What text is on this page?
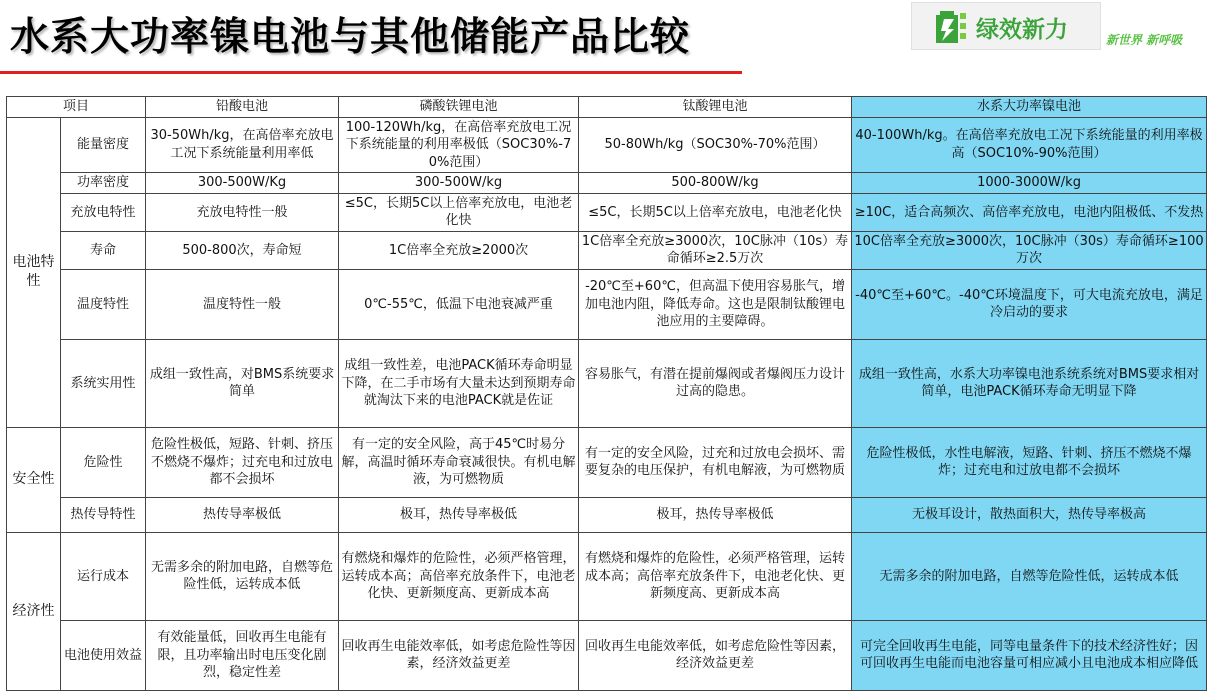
水系大功率镍电池与其他储能产品比较	绿效新力	新世界 新呼吸
项目		铅酸电池	磷酸铁锂电池	钛酸锂电池	水系大功率镍电池
电池特性	能量密度	30-50Wh/kg，在高倍率充放电工况下系统能量利用率低	100-120Wh/kg，在高倍率充放电工况下系统能量的利用率极低（SOC30%-70%范围）	50-80Wh/kg（SOC30%-70%范围）	40-100Wh/kg。在高倍率充放电工况下系统能量的利用率极高（SOC10%-90%范围）
	功率密度	300-500W/Kg	300-500W/kg	500-800W/kg	1000-3000W/kg
	充放电特性	充放电特性一般	≤5C，长期5C以上倍率充放电，电池老化快	≤5C，长期5C以上倍率充放电，电池老化快	≥10C，适合高频次、高倍率充放电，电池内阻极低、不发热
	寿命	500-800次，寿命短	1C倍率全充放≥2000次	1C倍率全充放≥3000次，10C脉冲（10s）寿命循环≥2.5万次	10C倍率全充放≥3000次，10C脉冲（30s）寿命循环≥100万次
	温度特性	温度特性一般	0℃-55℃，低温下电池衰减严重	-20℃至+60℃，但高温下使用容易胀气，增加电池内阻，降低寿命。这也是限制钛酸锂电池应用的主要障碍。	-40℃至+60℃。-40℃环境温度下，可大电流充放电，满足冷启动的要求
	系统实用性	成组一致性高，对BMS系统要求简单	成组一致性差，电池PACK循环寿命明显下降，在二手市场有大量未达到预期寿命就淘汰下来的电池PACK就是佐证	容易胀气，有潜在提前爆阀或者爆阀压力设计过高的隐患。	成组一致性高，水系大功率镍电池系统系统对BMS要求相对简单，电池PACK循环寿命无明显下降
安全性	危险性	危险性极低，短路、针刺、挤压不燃烧不爆炸；过充电和过放电都不会损坏	有一定的安全风险，高于45℃时易分解，高温时循环寿命衰减很快。有机电解液，为可燃物质	有一定的安全风险，过充和过放电会损坏、需要复杂的电压保护，有机电解液，为可燃物质	危险性极低，水性电解液，短路、针刺、挤压不燃烧不爆炸；过充电和过放电都不会损坏
	热传导特性	热传导率极低	极耳，热传导率极低	极耳，热传导率极低	无极耳设计，散热面积大，热传导率极高
经济性	运行成本	无需多余的附加电路，自燃等危险性低，运转成本低	有燃烧和爆炸的危险性，必须严格管理，运转成本高；高倍率充放条件下，电池老化快、更新频度高、更新成本高	有燃烧和爆炸的危险性，必须严格管理，运转成本高；高倍率充放条件下，电池老化快、更新频度高、更新成本高	无需多余的附加电路，自燃等危险性低，运转成本低
	电池使用效益	有效能量低，回收再生电能有限，且功率输出时电压变化剧烈，稳定性差	回收再生电能效率低，如考虑危险性等因素，经济效益更差	回收再生电能效率低，如考虑危险性等因素，经济效益更差	可完全回收再生电能，同等电量条件下的技术经济性好；因可回收再生电能而电池容量可相应减小且电池成本相应降低
